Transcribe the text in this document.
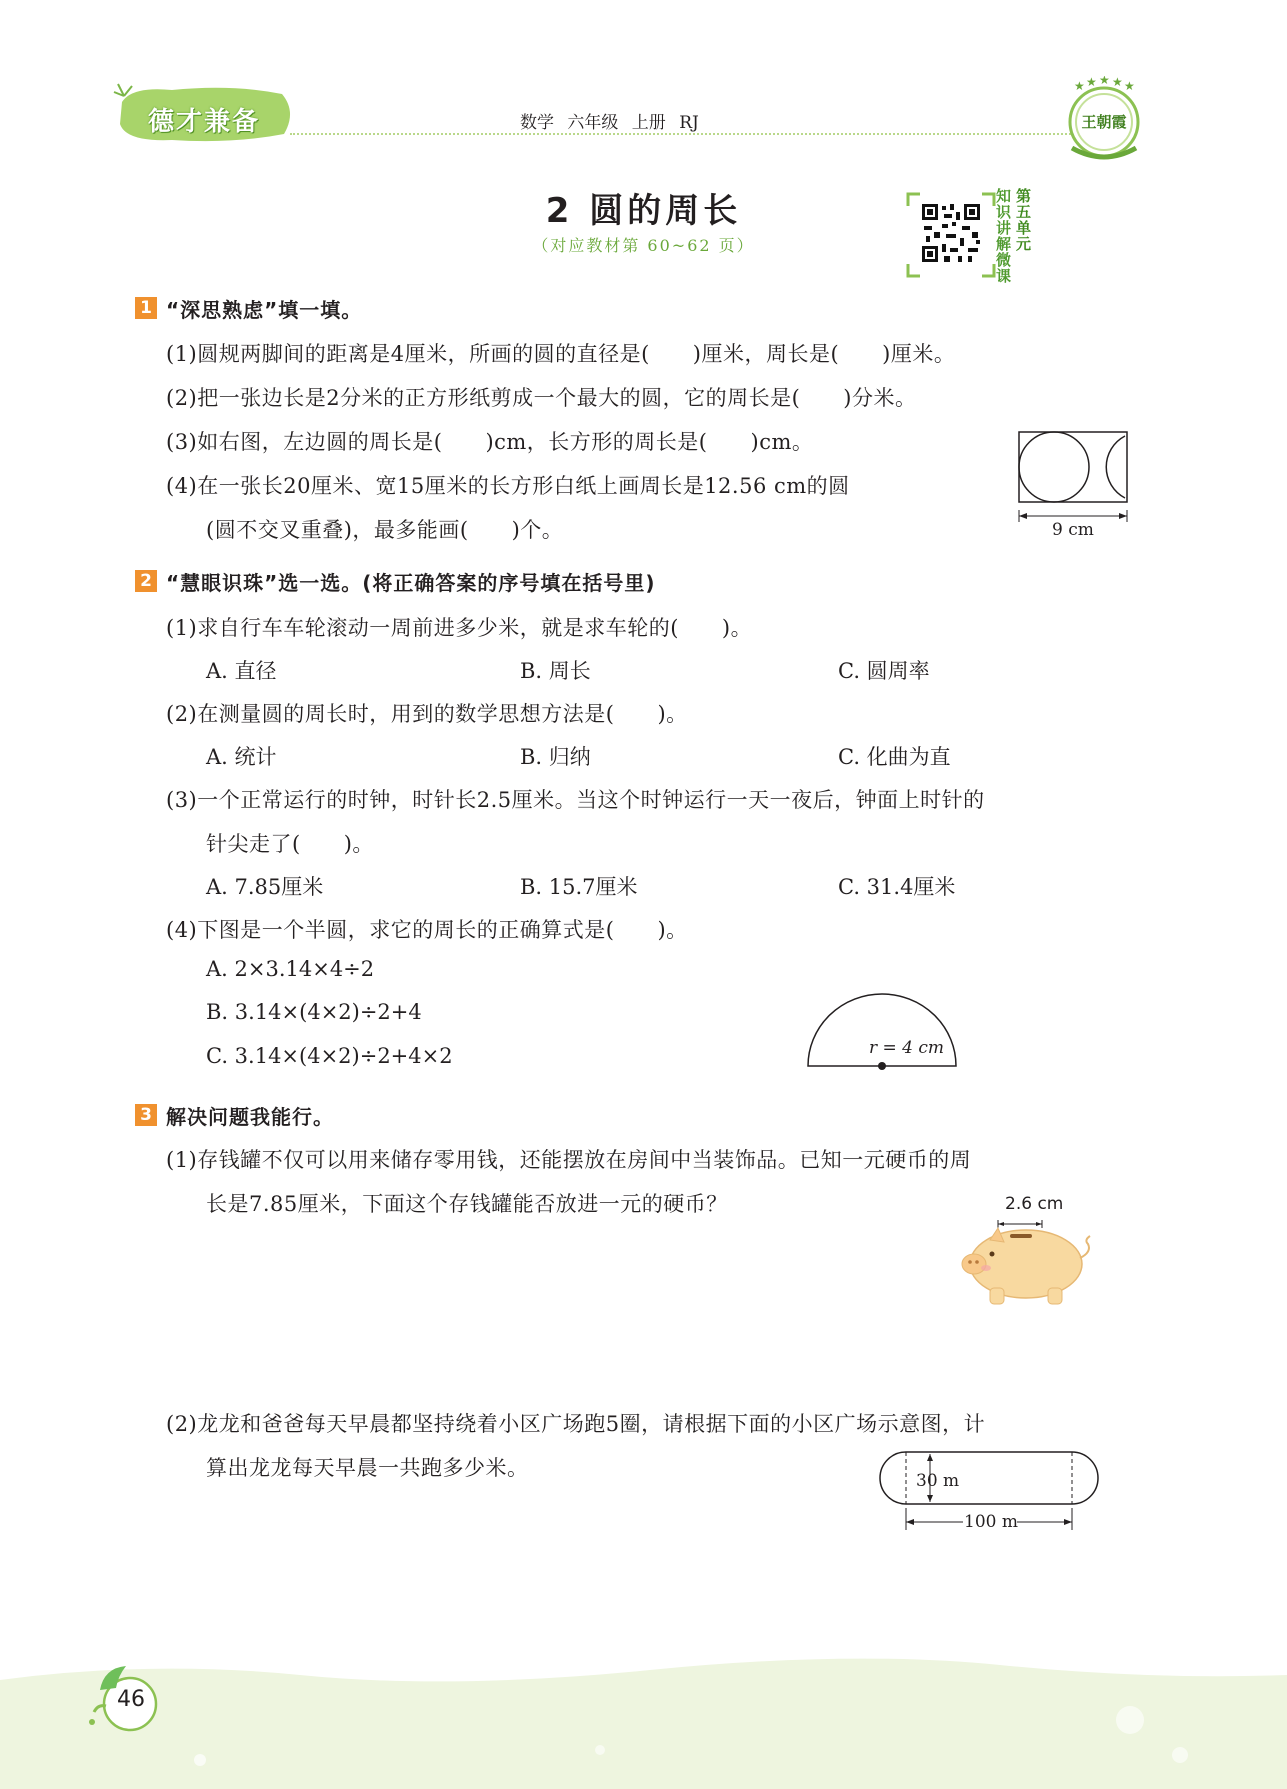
德才兼备	数学 六年级 上册 RJ
★ ★ ★ ★ ★
王朝霞
2 圆的周长
（对应教材第 60~62 页）
知识讲解微课
第五单元
1 “深思熟虑”填一填。
(1)圆规两脚间的距离是4厘米，所画的圆的直径是(　　)厘米，周长是(　　)厘米。
(2)把一张边长是2分米的正方形纸剪成一个最大的圆，它的周长是(　　)分米。
(3)如右图，左边圆的周长是(　　)cm，长方形的周长是(　　)cm。
(4)在一张长20厘米、宽15厘米的长方形白纸上画周长是12.56 cm的圆
(圆不交叉重叠)，最多能画(　　)个。	9 cm
2 “慧眼识珠”选一选。(将正确答案的序号填在括号里)
(1)求自行车车轮滚动一周前进多少米，就是求车轮的(　　)。
A. 直径	B. 周长	C. 圆周率
(2)在测量圆的周长时，用到的数学思想方法是(　　)。
A. 统计	B. 归纳	C. 化曲为直
(3)一个正常运行的时钟，时针长2.5厘米。当这个时钟运行一天一夜后，钟面上时针的
针尖走了(　　)。
A. 7.85厘米	B. 15.7厘米	C. 31.4厘米
(4)下图是一个半圆，求它的周长的正确算式是(　　)。
A. 2×3.14×4÷2
B. 3.14×(4×2)÷2+4
C. 3.14×(4×2)÷2+4×2	r = 4 cm
3 解决问题我能行。
(1)存钱罐不仅可以用来储存零用钱，还能摆放在房间中当装饰品。已知一元硬币的周
长是7.85厘米，下面这个存钱罐能否放进一元的硬币？	2.6 cm
(2)龙龙和爸爸每天早晨都坚持绕着小区广场跑5圈，请根据下面的小区广场示意图，计
算出龙龙每天早晨一共跑多少米。
30 m
100 m
46
